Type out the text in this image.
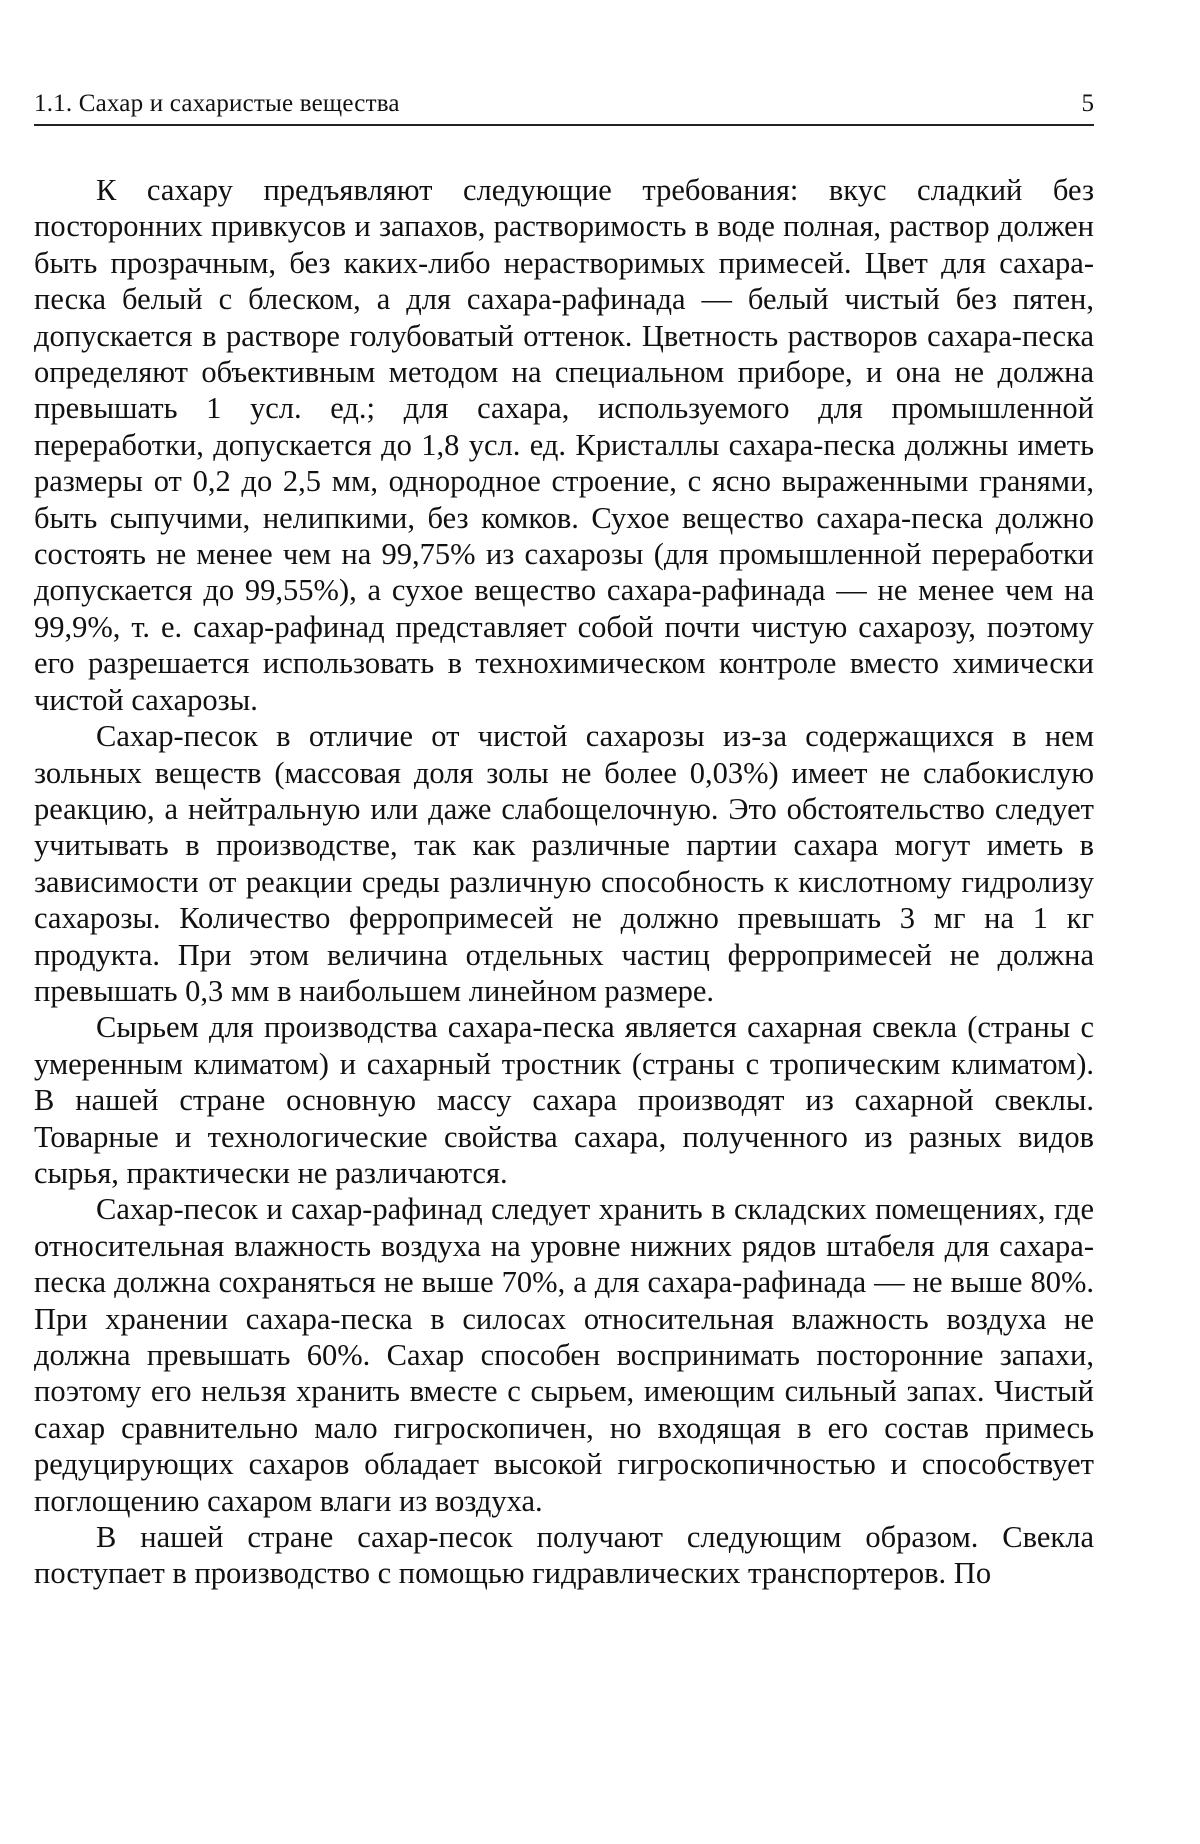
1.1. Сахар и сахаристые вещества	5

К сахару предъявляют следующие требования: вкус сладкий без посторонних привкусов и запахов, растворимость в воде полная, раствор должен быть прозрачным, без каких-либо нерастворимых примесей. Цвет для сахара-песка белый с блеском, а для сахара-рафинада — белый чистый без пятен, допускается в растворе голубоватый оттенок. Цветность растворов сахара-песка определяют объективным методом на специальном приборе, и она не должна превышать 1 усл. ед.; для сахара, используемого для промышленной переработки, допускается до 1,8 усл. ед. Кристаллы сахара-песка должны иметь размеры от 0,2 до 2,5 мм, однородное строение, с ясно выраженными гранями, быть сыпучими, нелипкими, без комков. Сухое вещество сахара-песка должно состоять не менее чем на 99,75% из сахарозы (для промышленной переработки допускается до 99,55%), а сухое вещество сахара-рафинада — не менее чем на 99,9%, т. е. сахар-рафинад представляет собой почти чистую сахарозу, поэтому его разрешается использовать в технохимическом контроле вместо химически чистой сахарозы.

Сахар-песок в отличие от чистой сахарозы из-за содержащихся в нем зольных веществ (массовая доля золы не более 0,03%) имеет не слабокислую реакцию, а нейтральную или даже слабощелочную. Это обстоятельство следует учитывать в производстве, так как различные партии сахара могут иметь в зависимости от реакции среды различную способность к кислотному гидролизу сахарозы. Количество ферропримесей не должно превышать 3 мг на 1 кг продукта. При этом величина отдельных частиц ферропримесей не должна превышать 0,3 мм в наибольшем линейном размере.

Сырьем для производства сахара-песка является сахарная свекла (страны с умеренным климатом) и сахарный тростник (страны с тропическим климатом). В нашей стране основную массу сахара производят из сахарной свеклы. Товарные и технологические свойства сахара, полученного из разных видов сырья, практически не различаются.

Сахар-песок и сахар-рафинад следует хранить в складских помещениях, где относительная влажность воздуха на уровне нижних рядов штабеля для сахара-песка должна сохраняться не выше 70%, а для сахара-рафинада — не выше 80%. При хранении сахара-песка в силосах относительная влажность воздуха не должна превышать 60%. Сахар способен воспринимать посторонние запахи, поэтому его нельзя хранить вместе с сырьем, имеющим сильный запах. Чистый сахар сравнительно мало гигроскопичен, но входящая в его состав примесь редуцирующих сахаров обладает высокой гигроскопичностью и способствует поглощению сахаром влаги из воздуха.

В нашей стране сахар-песок получают следующим образом. Свекла поступает в производство с помощью гидравлических транспортеров. По
